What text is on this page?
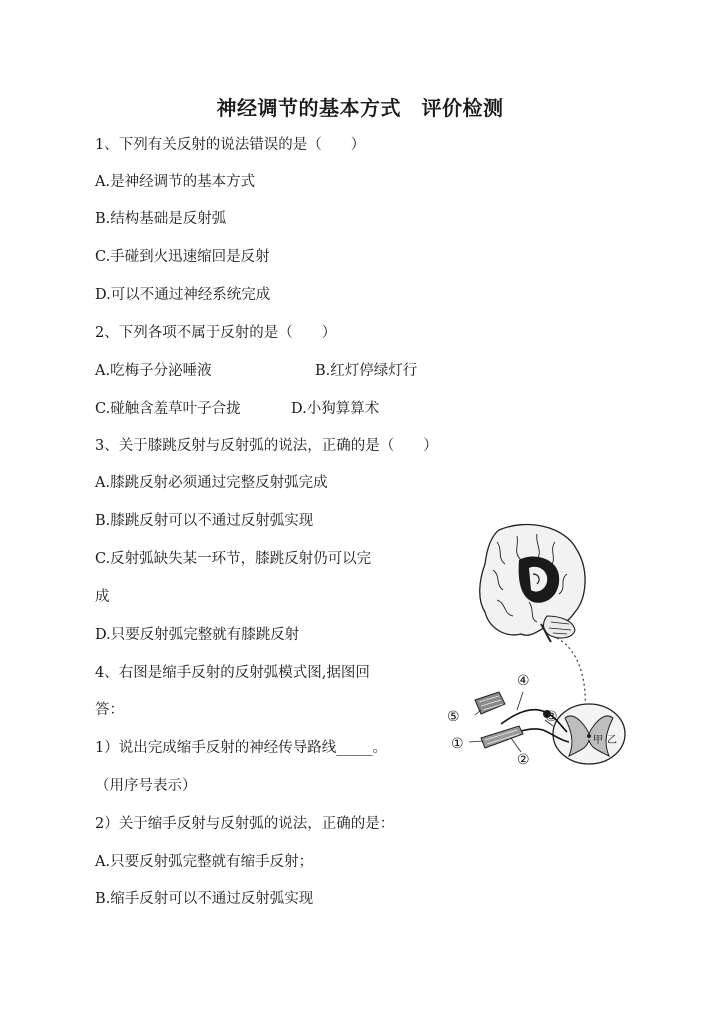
神经调节的基本方式　评价检测
1、下列有关反射的说法错误的是（　　）
A.是神经调节的基本方式
B.结构基础是反射弧
C.手碰到火迅速缩回是反射
D.可以不通过神经系统完成
2、下列各项不属于反射的是（　　）
A.吃梅子分泌唾液	B.红灯停绿灯行
C.碰触含羞草叶子合拢	D.小狗算算术
3、关于膝跳反射与反射弧的说法，正确的是（　　）
A.膝跳反射必须通过完整反射弧完成
B.膝跳反射可以不通过反射弧实现
C.反射弧缺失某一环节，膝跳反射仍可以完
成
D.只要反射弧完整就有膝跳反射
4、右图是缩手反射的反射弧模式图,据图回
答：
1）说出完成缩手反射的神经传导路线_____。
（用序号表示）
2）关于缩手反射与反射弧的说法，正确的是：
A.只要反射弧完整就有缩手反射；
B.缩手反射可以不通过反射弧实现
甲 乙
⑤
①
②
④
③
